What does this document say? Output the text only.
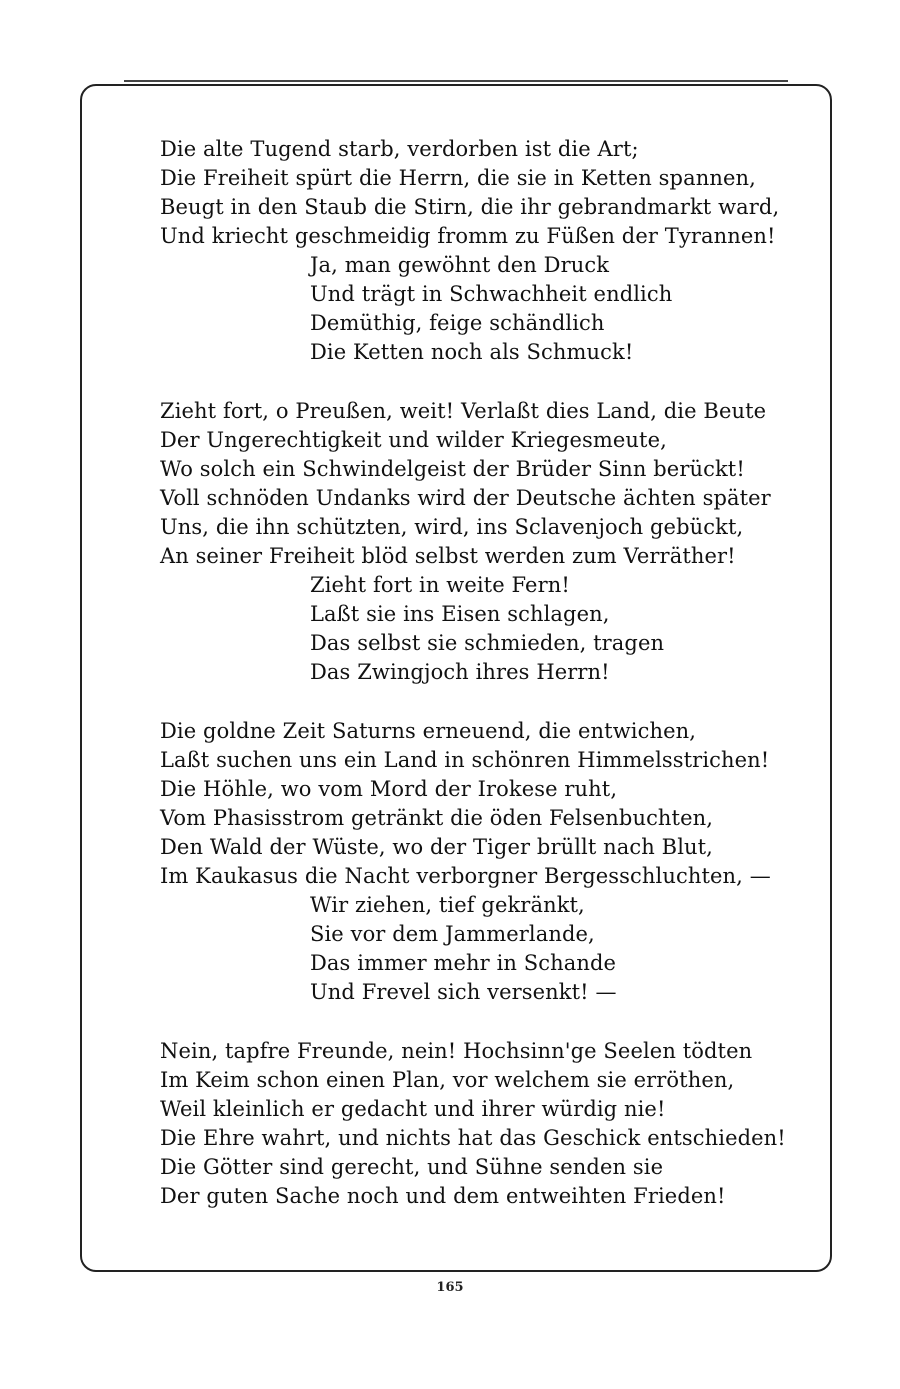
Die alte Tugend starb, verdorben ist die Art;
Die Freiheit spürt die Herrn, die sie in Ketten spannen,
Beugt in den Staub die Stirn, die ihr gebrandmarkt ward,
Und kriecht geschmeidig fromm zu Füßen der Tyrannen!
Ja, man gewöhnt den Druck
Und trägt in Schwachheit endlich
Demüthig, feige schändlich
Die Ketten noch als Schmuck!
Zieht fort, o Preußen, weit! Verlaßt dies Land, die Beute
Der Ungerechtigkeit und wilder Kriegesmeute,
Wo solch ein Schwindelgeist der Brüder Sinn berückt!
Voll schnöden Undanks wird der Deutsche ächten später
Uns, die ihn schützten, wird, ins Sclavenjoch gebückt,
An seiner Freiheit blöd selbst werden zum Verräther!
Zieht fort in weite Fern!
Laßt sie ins Eisen schlagen,
Das selbst sie schmieden, tragen
Das Zwingjoch ihres Herrn!
Die goldne Zeit Saturns erneuend, die entwichen,
Laßt suchen uns ein Land in schönren Himmelsstrichen!
Die Höhle, wo vom Mord der Irokese ruht,
Vom Phasisstrom getränkt die öden Felsenbuchten,
Den Wald der Wüste, wo der Tiger brüllt nach Blut,
Im Kaukasus die Nacht verborgner Bergesschluchten, —
Wir ziehen, tief gekränkt,
Sie vor dem Jammerlande,
Das immer mehr in Schande
Und Frevel sich versenkt! —
Nein, tapfre Freunde, nein! Hochsinn'ge Seelen tödten
Im Keim schon einen Plan, vor welchem sie erröthen,
Weil kleinlich er gedacht und ihrer würdig nie!
Die Ehre wahrt, und nichts hat das Geschick entschieden!
Die Götter sind gerecht, und Sühne senden sie
Der guten Sache noch und dem entweihten Frieden!
165
